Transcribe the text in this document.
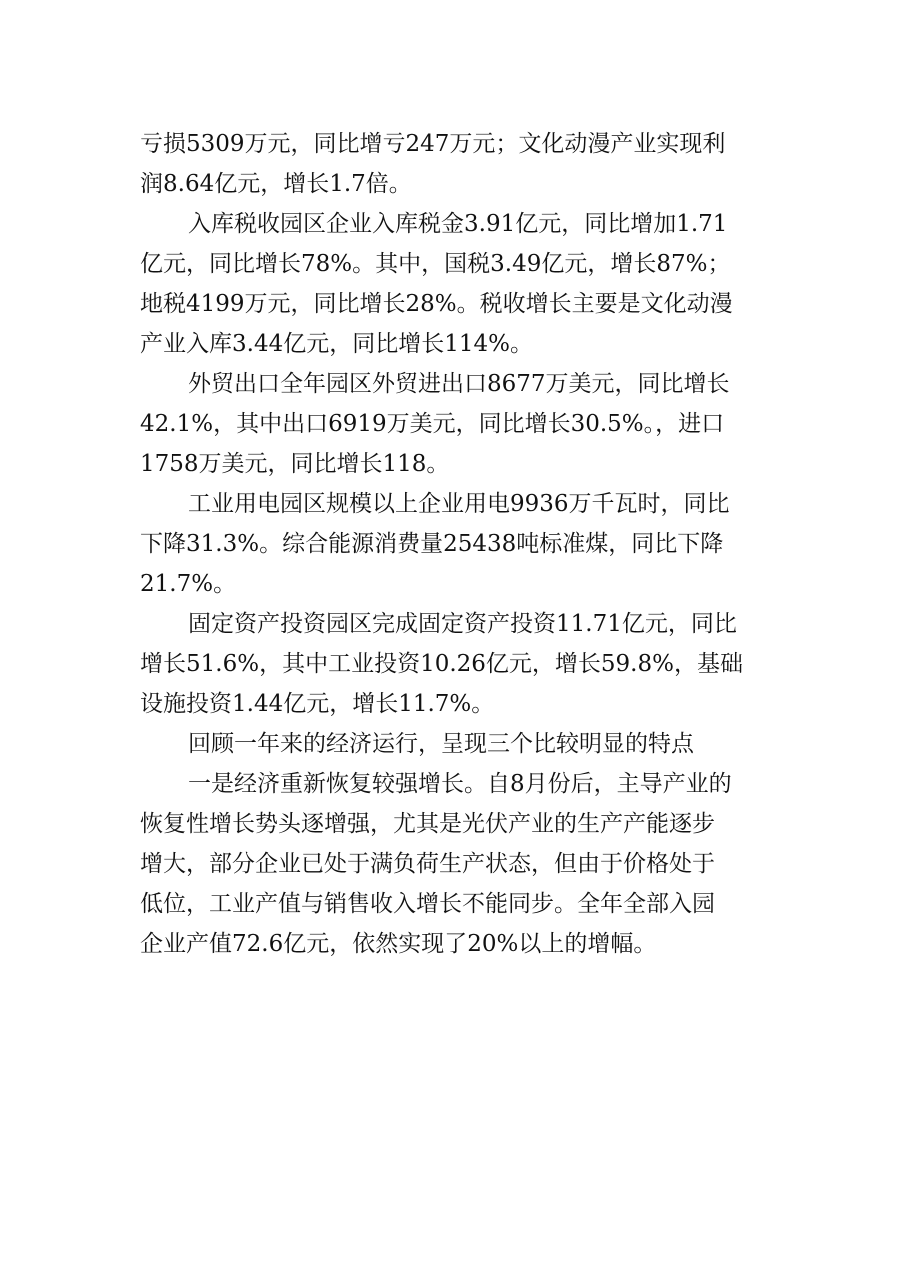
亏损5309万元，同比增亏247万元；文化动漫产业实现利
润8.64亿元，增长1.7倍。
入库税收园区企业入库税金3.91亿元，同比增加1.71
亿元，同比增长78%。其中，国税3.49亿元，增长87%；
地税4199万元，同比增长28%。税收增长主要是文化动漫
产业入库3.44亿元，同比增长114%。
外贸出口全年园区外贸进出口8677万美元，同比增长
42.1%，其中出口6919万美元，同比增长30.5%。，进口
1758万美元，同比增长118。
工业用电园区规模以上企业用电9936万千瓦时，同比
下降31.3%。综合能源消费量25438吨标准煤，同比下降
21.7%。
固定资产投资园区完成固定资产投资11.71亿元，同比
增长51.6%，其中工业投资10.26亿元，增长59.8%，基础
设施投资1.44亿元，增长11.7%。
回顾一年来的经济运行，呈现三个比较明显的特点
一是经济重新恢复较强增长。自8月份后，主导产业的
恢复性增长势头逐增强，尤其是光伏产业的生产产能逐步
增大，部分企业已处于满负荷生产状态，但由于价格处于
低位，工业产值与销售收入增长不能同步。全年全部入园
企业产值72.6亿元，依然实现了20%以上的增幅。
